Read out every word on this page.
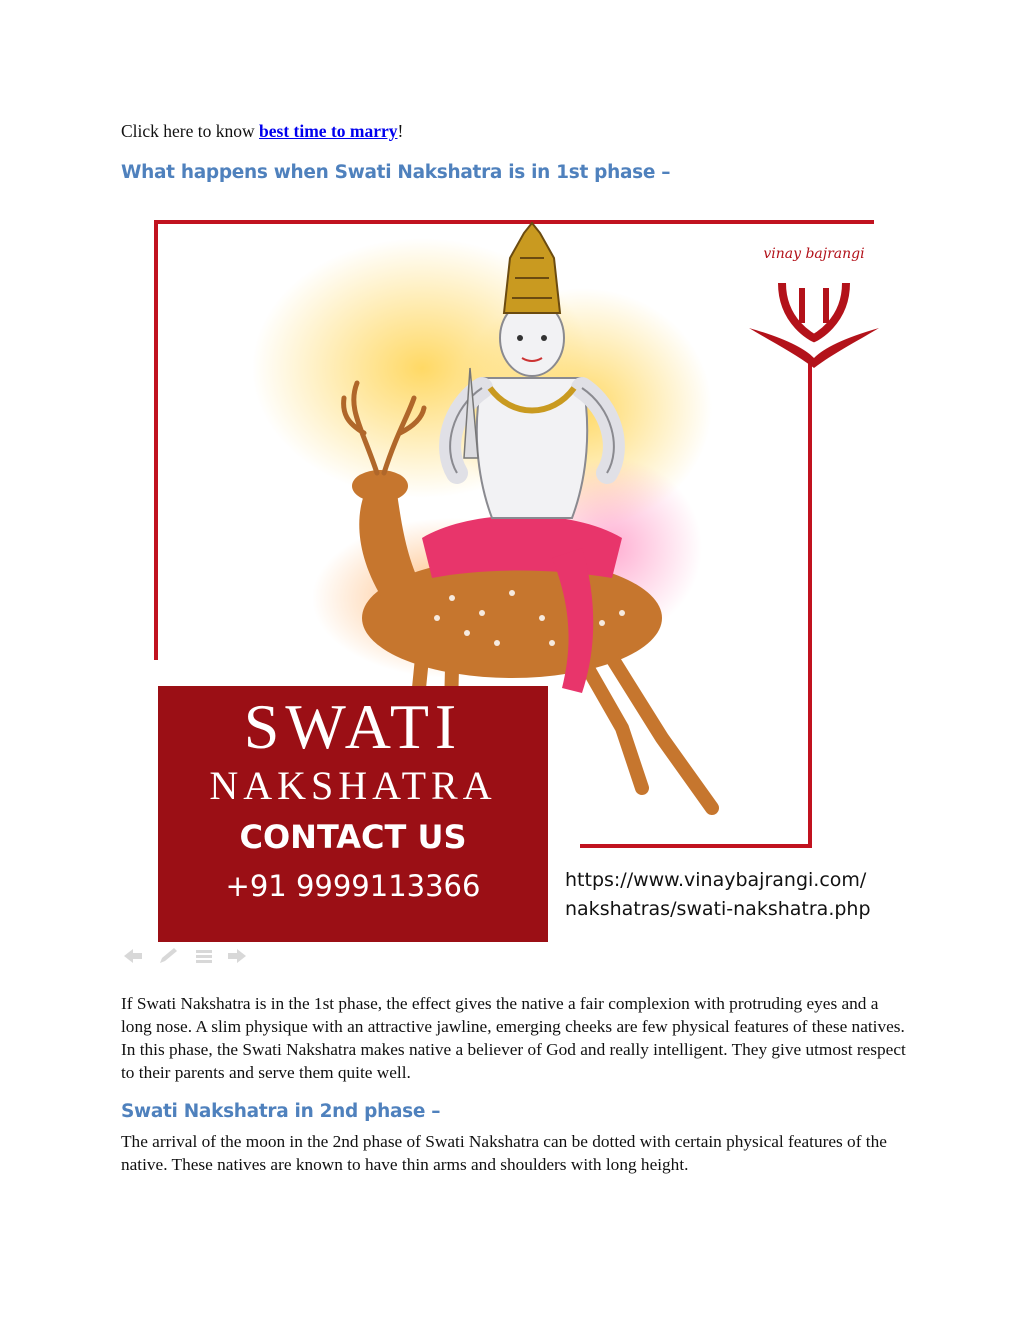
Click here to know best time to marry!
What happens when Swati Nakshatra is in 1st phase –
vinay bajrangi
SWATI
NAKSHATRA
CONTACT US
+91 9999113366	https://www.vinaybajrangi.com/
nakshatras/swati-nakshatra.php

If Swati Nakshatra is in the 1st phase, the effect gives the native a fair complexion with protruding eyes and a long nose. A slim physique with an attractive jawline, emerging cheeks are few physical features of these natives. In this phase, the Swati Nakshatra makes native a believer of God and really intelligent. They give utmost respect to their parents and serve them quite well.

Swati Nakshatra in 2nd phase –

The arrival of the moon in the 2nd phase of Swati Nakshatra can be dotted with certain physical features of the native. These natives are known to have thin arms and shoulders with long height.
